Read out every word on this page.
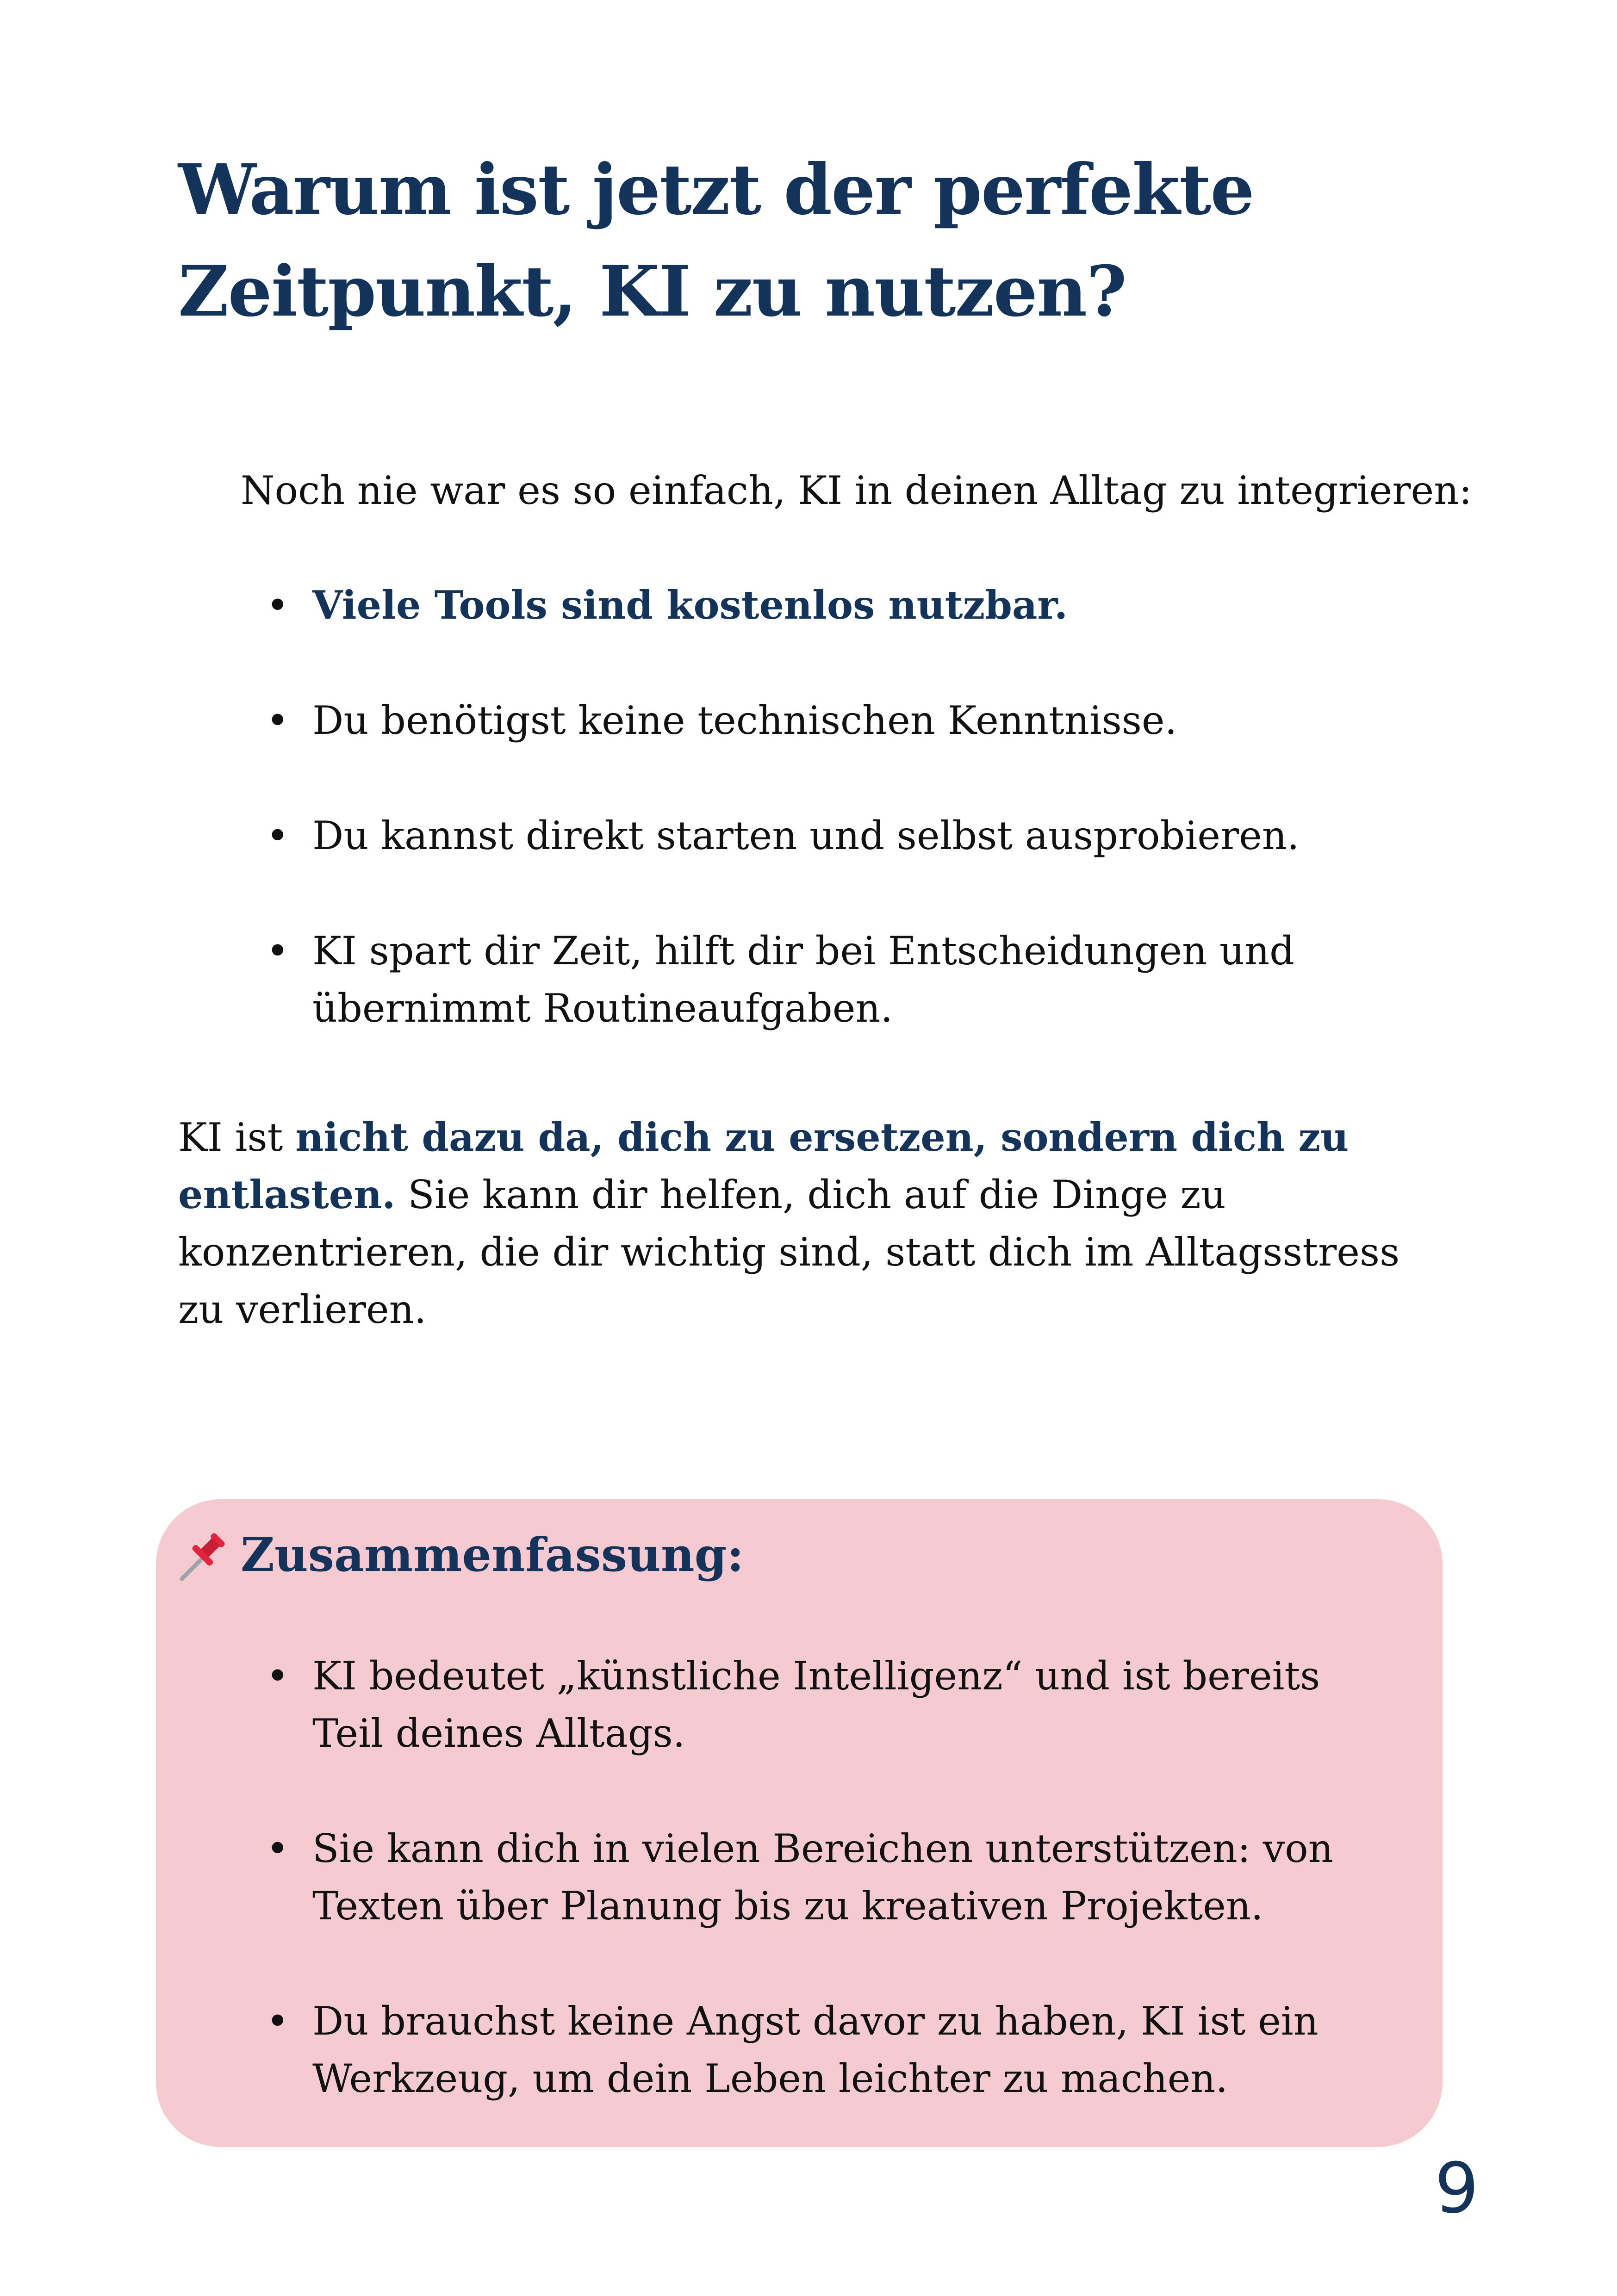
Warum ist jetzt der perfekte Zeitpunkt, KI zu nutzen?
Noch nie war es so einfach, KI in deinen Alltag zu integrieren:
• Viele Tools sind kostenlos nutzbar.
• Du benötigst keine technischen Kenntnisse.
• Du kannst direkt starten und selbst ausprobieren.
• KI spart dir Zeit, hilft dir bei Entscheidungen und übernimmt Routineaufgaben.

KI ist nicht dazu da, dich zu ersetzen, sondern dich zu entlasten. Sie kann dir helfen, dich auf die Dinge zu konzentrieren, die dir wichtig sind, statt dich im Alltagsstress zu verlieren.

Zusammenfassung:
• KI bedeutet „künstliche Intelligenz“ und ist bereits Teil deines Alltags.
• Sie kann dich in vielen Bereichen unterstützen: von Texten über Planung bis zu kreativen Projekten.
• Du brauchst keine Angst davor zu haben, KI ist ein Werkzeug, um dein Leben leichter zu machen.
9
